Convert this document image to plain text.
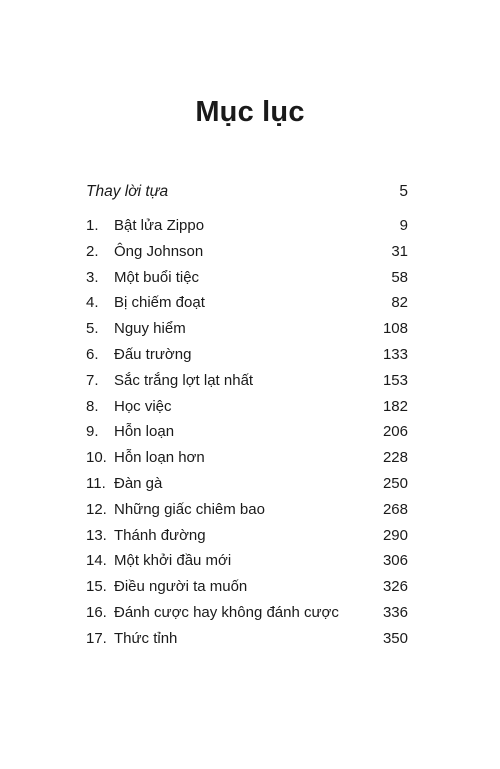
Mục lục
Thay lời tựa	5
1.	Bật lửa Zippo	9
2.	Ông Johnson	31
3.	Một buổi tiệc	58
4.	Bị chiếm đoạt	82
5.	Nguy hiểm	108
6.	Đấu trường	133
7.	Sắc trắng lợt lạt nhất	153
8.	Học việc	182
9.	Hỗn loạn	206
10. Hỗn loạn hơn	228
11. Đàn gà	250
12. Những giấc chiêm bao	268
13. Thánh đường	290
14. Một khởi đầu mới	306
15. Điều người ta muốn	326
16. Đánh cược hay không đánh cược	336
17. Thức tỉnh	350
